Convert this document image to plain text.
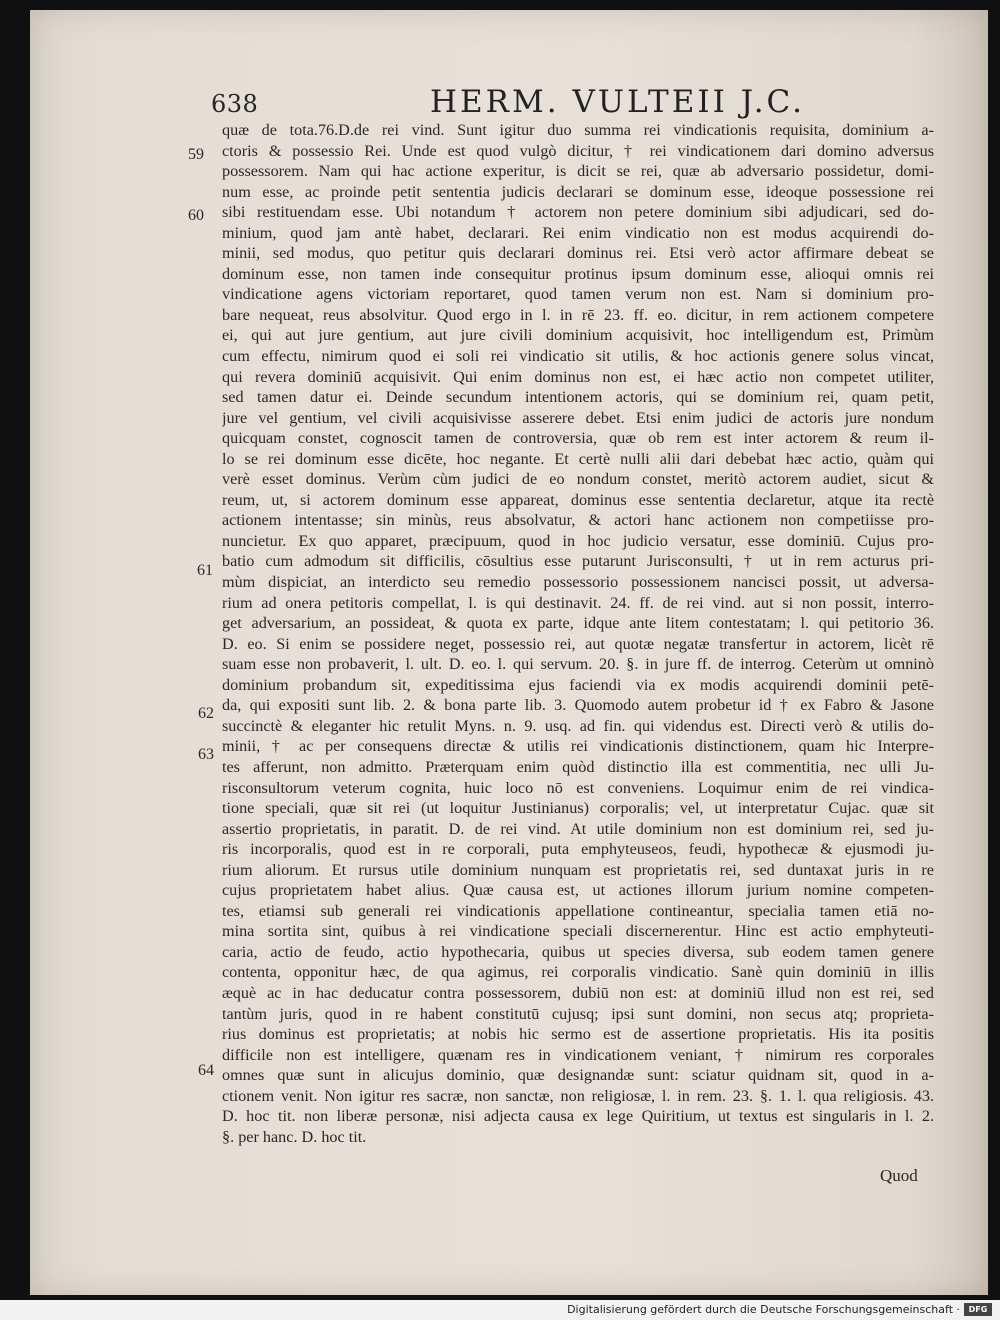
638	HERM. VULTEII J.C.
quæ de tota.76.D.de rei vind. Sunt igitur duo summa rei vindicationis requisita, dominium a-
ctoris & possessio Rei. Unde est quod vulgò dicitur, † rei vindicationem dari domino adversus
possessorem. Nam qui hac actione experitur, is dicit se rei, quæ ab adversario possidetur, domi-
num esse, ac proinde petit sententia judicis declarari se dominum esse, ideoque possessione rei
sibi restituendam esse. Ubi notandum † actorem non petere dominium sibi adjudicari, sed do-
minium, quod jam antè habet, declarari. Rei enim vindicatio non est modus acquirendi do-
minii, sed modus, quo petitur quis declarari dominus rei. Etsi verò actor affirmare debeat se
dominum esse, non tamen inde consequitur protinus ipsum dominum esse, alioqui omnis rei
vindicatione agens victoriam reportaret, quod tamen verum non est. Nam si dominium pro-
bare nequeat, reus absolvitur. Quod ergo in l. in rē 23. ff. eo. dicitur, in rem actionem competere
ei, qui aut jure gentium, aut jure civili dominium acquisivit, hoc intelligendum est, Primùm
cum effectu, nimirum quod ei soli rei vindicatio sit utilis, & hoc actionis genere solus vincat,
qui revera dominiū acquisivit. Qui enim dominus non est, ei hæc actio non competet utiliter,
sed tamen datur ei. Deinde secundum intentionem actoris, qui se dominium rei, quam petit,
jure vel gentium, vel civili acquisivisse asserere debet. Etsi enim judici de actoris jure nondum
quicquam constet, cognoscit tamen de controversia, quæ ob rem est inter actorem & reum il-
lo se rei dominum esse dicēte, hoc negante. Et certè nulli alii dari debebat hæc actio, quàm qui
verè esset dominus. Verùm cùm judici de eo nondum constet, meritò actorem audiet, sicut &
reum, ut, si actorem dominum esse appareat, dominus esse sententia declaretur, atque ita rectè
actionem intentasse; sin minùs, reus absolvatur, & actori hanc actionem non competiisse pro-
nuncietur. Ex quo apparet, præcipuum, quod in hoc judicio versatur, esse dominiū. Cujus pro-
batio cum admodum sit difficilis, cōsultius esse putarunt Jurisconsulti, † ut in rem acturus pri-
mùm dispiciat, an interdicto seu remedio possessorio possessionem nancisci possit, ut adversa-
rium ad onera petitoris compellat, l. is qui destinavit. 24. ff. de rei vind. aut si non possit, interro-
get adversarium, an possideat, & quota ex parte, idque ante litem contestatam; l. qui petitorio 36.
D. eo. Si enim se possidere neget, possessio rei, aut quotæ negatæ transfertur in actorem, licèt rē
suam esse non probaverit, l. ult. D. eo. l. qui servum. 20. §. in jure ff. de interrog. Ceterùm ut omninò
dominium probandum sit, expeditissima ejus faciendi via ex modis acquirendi dominii petē-
da, qui expositi sunt lib. 2. & bona parte lib. 3. Quomodo autem probetur id † ex Fabro & Jasone
succinctè & eleganter hic retulit Myns. n. 9. usq. ad fin. qui videndus est. Directi verò & utilis do-
minii, † ac per consequens directæ & utilis rei vindicationis distinctionem, quam hic Interpre-
tes afferunt, non admitto. Præterquam enim quòd distinctio illa est commentitia, nec ulli Ju-
risconsultorum veterum cognita, huic loco nō est conveniens. Loquimur enim de rei vindica-
tione speciali, quæ sit rei (ut loquitur Justinianus) corporalis; vel, ut interpretatur Cujac. quæ sit
assertio proprietatis, in paratit. D. de rei vind. At utile dominium non est dominium rei, sed ju-
ris incorporalis, quod est in re corporali, puta emphyteuseos, feudi, hypothecæ & ejusmodi ju-
rium aliorum. Et rursus utile dominium nunquam est proprietatis rei, sed duntaxat juris in re
cujus proprietatem habet alius. Quæ causa est, ut actiones illorum jurium nomine competen-
tes, etiamsi sub generali rei vindicationis appellatione contineantur, specialia tamen etiā no-
mina sortita sint, quibus à rei vindicatione speciali discernerentur. Hinc est actio emphyteuti-
caria, actio de feudo, actio hypothecaria, quibus ut species diversa, sub eodem tamen genere
contenta, opponitur hæc, de qua agimus, rei corporalis vindicatio. Sanè quin dominiū in illis
æquè ac in hac deducatur contra possessorem, dubiū non est: at dominiū illud non est rei, sed
tantùm juris, quod in re habent constitutū cujusq; ipsi sunt domini, non secus atq; proprieta-
rius dominus est proprietatis; at nobis hic sermo est de assertione proprietatis. His ita positis
difficile non est intelligere, quænam res in vindicationem veniant, † nimirum res corporales
omnes quæ sunt in alicujus dominio, quæ designandæ sunt: sciatur quidnam sit, quod in a-
ctionem venit. Non igitur res sacræ, non sanctæ, non religiosæ, l. in rem. 23. §. 1. l. qua religiosis. 43.
D. hoc tit. non liberæ personæ, nisi adjecta causa ex lege Quiritium, ut textus est singularis in l. 2.
§. per hanc. D. hoc tit.
59
60
61
62
63
64
Quod
Digitalisierung gefördert durch die Deutsche Forschungsgemeinschaft ·	DFG
